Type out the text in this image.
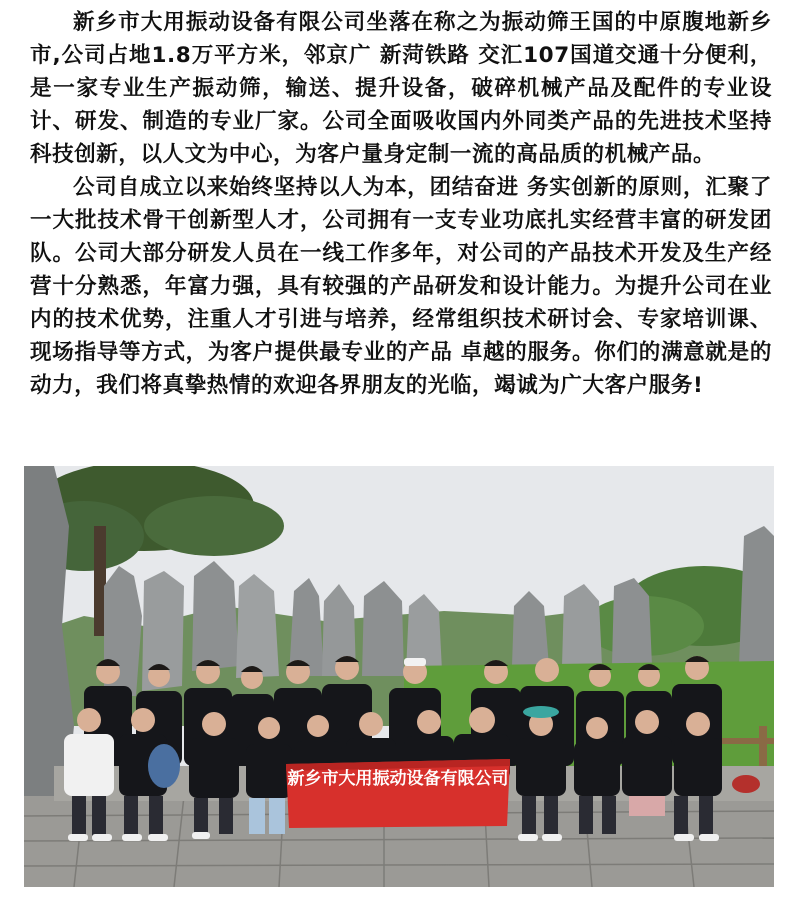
新乡市大用振动设备有限公司坐落在称之为振动筛王国的中原腹地新乡市,公司占地1.8万平方米，邻京广 新菏铁路 交汇107国道交通十分便利，是一家专业生产振动筛，输送、提升设备，破碎机械产品及配件的专业设计、研发、制造的专业厂家。公司全面吸收国内外同类产品的先进技术坚持科技创新，以人文为中心，为客户量身定制一流的高品质的机械产品。

公司自成立以来始终坚持以人为本，团结奋进 务实创新的原则，汇聚了一大批技术骨干创新型人才，公司拥有一支专业功底扎实经营丰富的研发团队。公司大部分研发人员在一线工作多年，对公司的产品技术开发及生产经营十分熟悉，年富力强，具有较强的产品研发和设计能力。为提升公司在业内的技术优势，注重人才引进与培养，经常组织技术研讨会、专家培训课、现场指导等方式，为客户提供最专业的产品 卓越的服务。你们的满意就是的动力，我们将真挚热情的欢迎各界朋友的光临，竭诚为广大客户服务!

新乡市大用振动设备有限公司
